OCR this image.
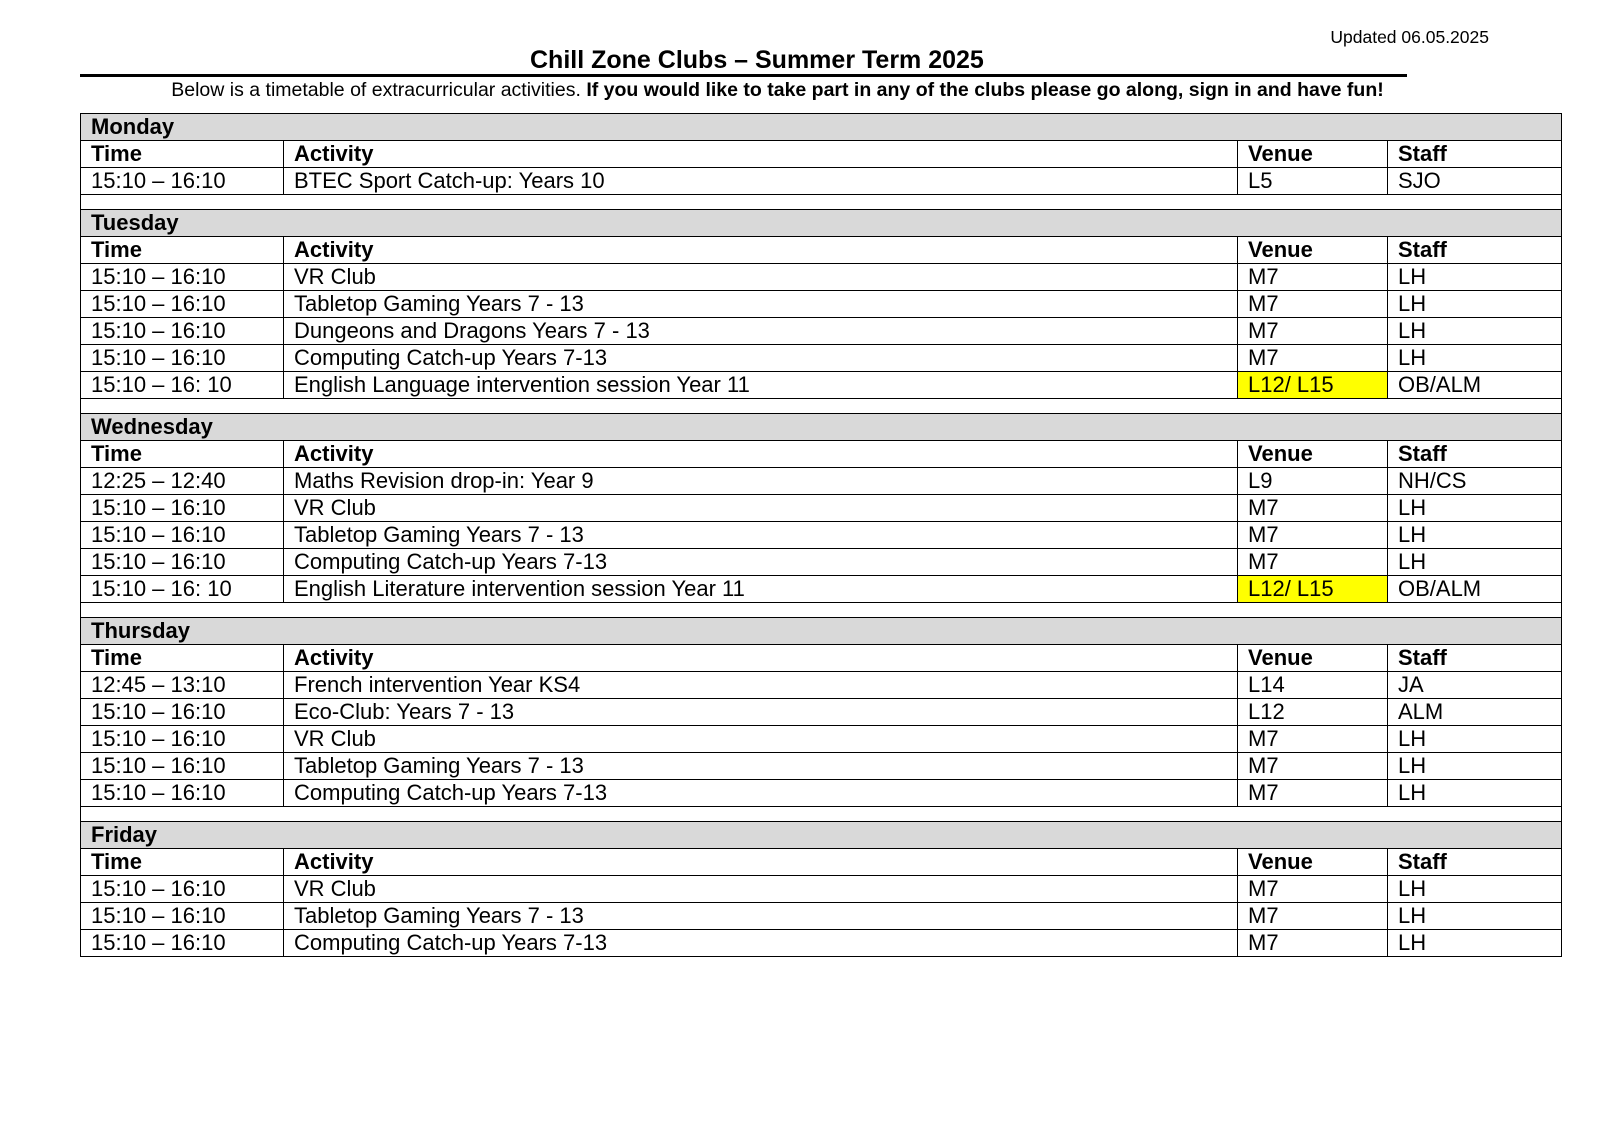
Updated 06.05.2025
Chill Zone Clubs – Summer Term 2025
Below is a timetable of extracurricular activities. If you would like to take part in any of the clubs please go along, sign in and have fun!
Monday			
Time	Activity	Venue	Staff
15:10 – 16:10	BTEC Sport Catch-up: Years 10	L5	SJO

Tuesday			
Time	Activity	Venue	Staff
15:10 – 16:10	VR Club	M7	LH
15:10 – 16:10	Tabletop Gaming Years 7 - 13	M7	LH
15:10 – 16:10	Dungeons and Dragons Years 7 - 13	M7	LH
15:10 – 16:10	Computing Catch-up Years 7-13	M7	LH
15:10 – 16: 10	English Language intervention session Year 11	L12/ L15	OB/ALM

Wednesday			
Time	Activity	Venue	Staff
12:25 – 12:40	Maths Revision drop-in: Year 9	L9	NH/CS
15:10 – 16:10	VR Club	M7	LH
15:10 – 16:10	Tabletop Gaming Years 7 - 13	M7	LH
15:10 – 16:10	Computing Catch-up Years 7-13	M7	LH
15:10 – 16: 10	English Literature intervention session Year 11	L12/ L15	OB/ALM

Thursday			
Time	Activity	Venue	Staff
12:45 – 13:10	French intervention Year KS4	L14	JA
15:10 – 16:10	Eco-Club: Years 7 - 13	L12	ALM
15:10 – 16:10	VR Club	M7	LH
15:10 – 16:10	Tabletop Gaming Years 7 - 13	M7	LH
15:10 – 16:10	Computing Catch-up Years 7-13	M7	LH

Friday			
Time	Activity	Venue	Staff
15:10 – 16:10	VR Club	M7	LH
15:10 – 16:10	Tabletop Gaming Years 7 - 13	M7	LH
15:10 – 16:10	Computing Catch-up Years 7-13	M7	LH
